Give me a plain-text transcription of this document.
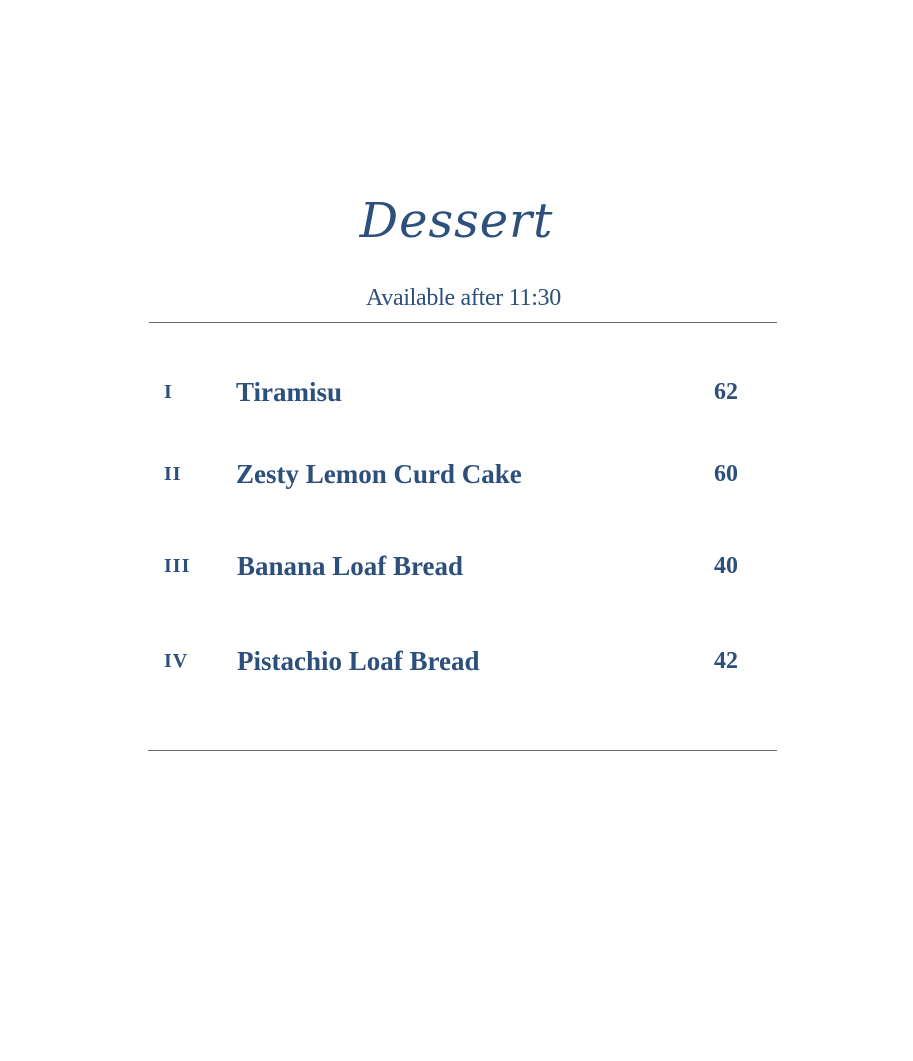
Dessert
Available after 11:30
I Tiramisu	62
II Zesty Lemon Curd Cake	60
III Banana Loaf Bread	40
IV Pistachio Loaf Bread	42
